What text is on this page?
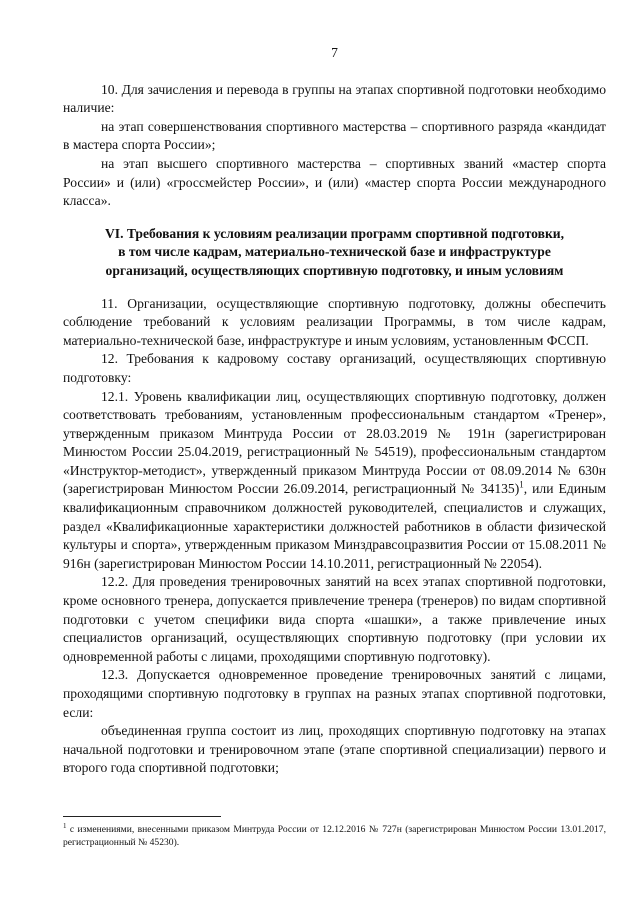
7

10. Для зачисления и перевода в группы на этапах спортивной подготовки необходимо наличие:

на этап совершенствования спортивного мастерства – спортивного разряда «кандидат в мастера спорта России»;

на этап высшего спортивного мастерства – спортивных званий «мастер спорта России» и (или) «гроссмейстер России», и (или) «мастер спорта России международного класса».

VI. Требования к условиям реализации программ спортивной подготовки,
в том числе кадрам, материально-технической базе и инфраструктуре
организаций, осуществляющих спортивную подготовку, и иным условиям

11. Организации, осуществляющие спортивную подготовку, должны обеспечить соблюдение требований к условиям реализации Программы, в том числе кадрам, материально-технической базе, инфраструктуре и иным условиям, установленным ФССП.

12. Требования к кадровому составу организаций, осуществляющих спортивную подготовку:

12.1. Уровень квалификации лиц, осуществляющих спортивную подготовку, должен соответствовать требованиям, установленным профессиональным стандартом «Тренер», утвержденным приказом Минтруда России от 28.03.2019 № 191н (зарегистрирован Минюстом России 25.04.2019, регистрационный № 54519), профессиональным стандартом «Инструктор-методист», утвержденный приказом Минтруда России от 08.09.2014 № 630н (зарегистрирован Минюстом России 26.09.2014, регистрационный № 34135)$^1$, или Единым квалификационным справочником должностей руководителей, специалистов и служащих, раздел «Квалификационные характеристики должностей работников в области физической культуры и спорта», утвержденным приказом Минздравсоцразвития России от 15.08.2011 № 916н (зарегистрирован Минюстом России 14.10.2011, регистрационный № 22054).

12.2. Для проведения тренировочных занятий на всех этапах спортивной подготовки, кроме основного тренера, допускается привлечение тренера (тренеров) по видам спортивной подготовки с учетом специфики вида спорта «шашки», а также привлечение иных специалистов организаций, осуществляющих спортивную подготовку (при условии их одновременной работы с лицами, проходящими спортивную подготовку).

12.3. Допускается одновременное проведение тренировочных занятий с лицами, проходящими спортивную подготовку в группах на разных этапах спортивной подготовки, если:

объединенная группа состоит из лиц, проходящих спортивную подготовку на этапах начальной подготовки и тренировочном этапе (этапе спортивной специализации) первого и второго года спортивной подготовки;

$^1$ с изменениями, внесенными приказом Минтруда России от 12.12.2016 № 727н (зарегистрирован Минюстом России 13.01.2017, регистрационный № 45230).
